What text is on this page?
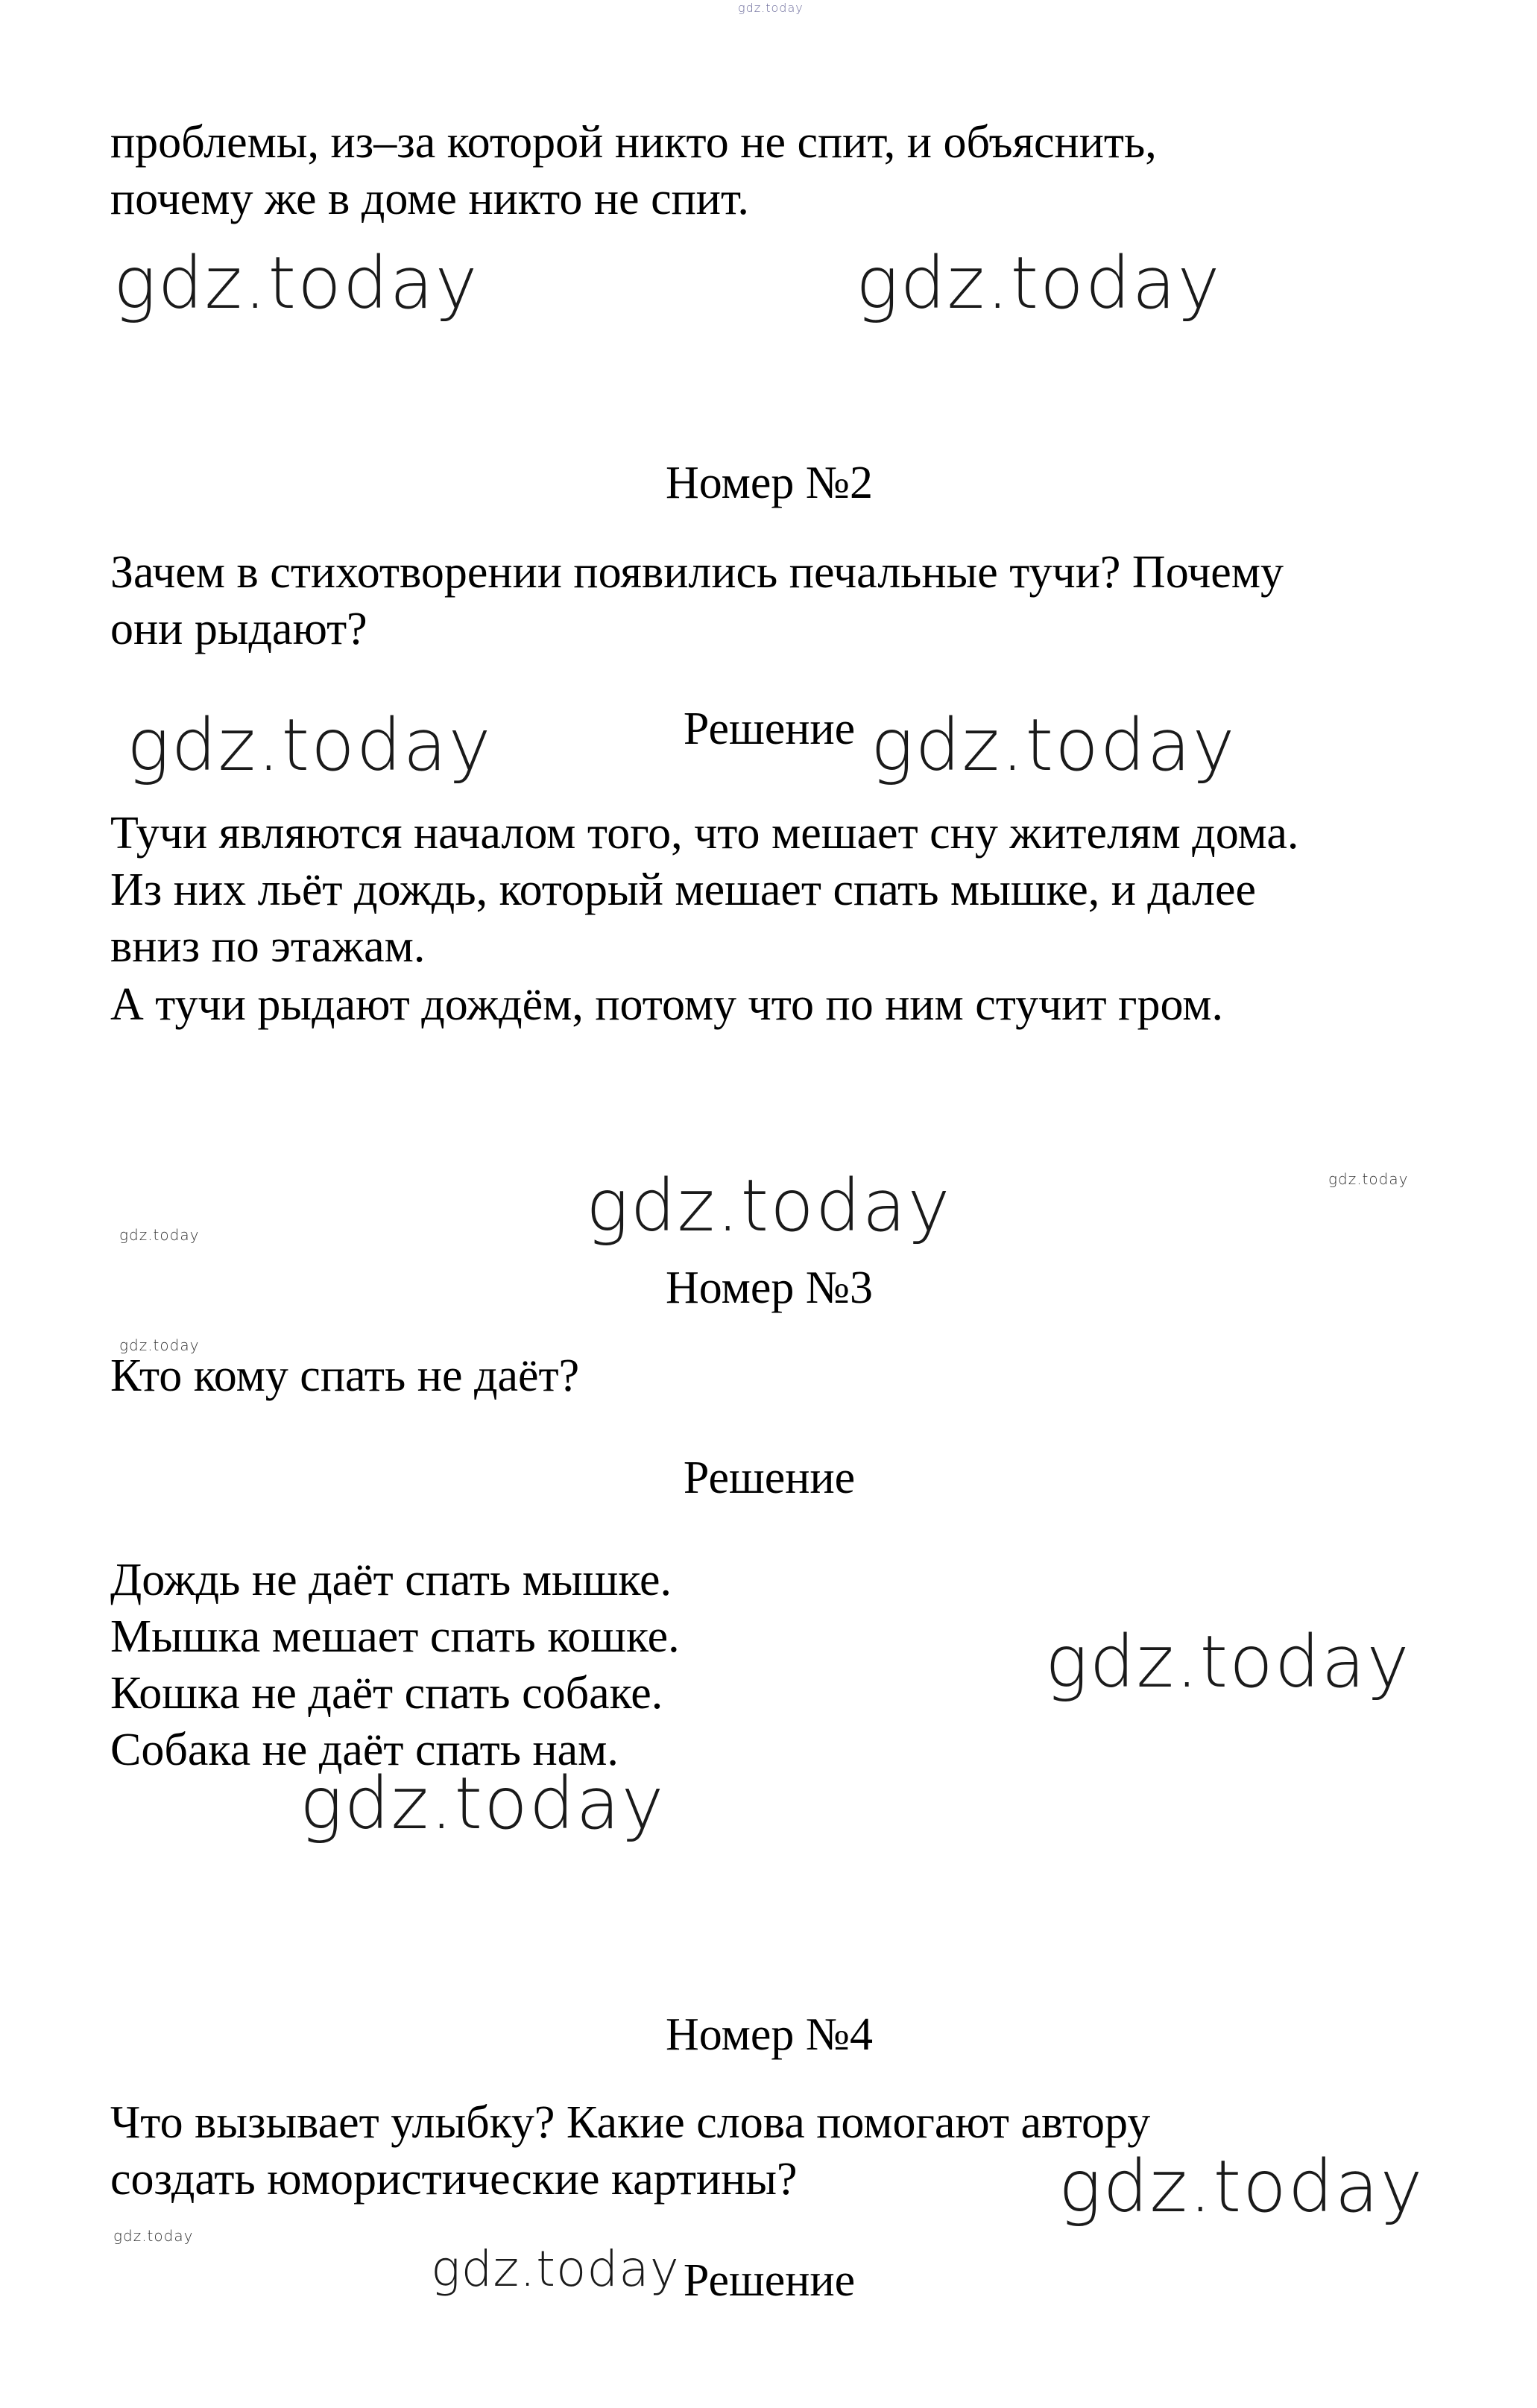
gdz.today
проблемы, из–за которой никто не спит, и объяснить,
почему же в доме никто не спит.
gdz.today	gdz.today
Номер №2
Зачем в стихотворении появились печальные тучи? Почему
они рыдают?
gdz.today	Решение gdz.today
Тучи являются началом того, что мешает сну жителям дома.
Из них льёт дождь, который мешает спать мышке, и далее
вниз по этажам.
А тучи рыдают дождём, потому что по ним стучит гром.
gdz.today
gdz.today
gdz.today
Номер №3
gdz.today
Кто кому спать не даёт?
Решение
Дождь не даёт спать мышке.
Мышка мешает спать кошке.	gdz.today
Кошка не даёт спать собаке.
Собака не даёт спать нам.
gdz.today
Номер №4
Что вызывает улыбку? Какие слова помогают автору
gdz.today
создать юмористические картины?
gdz.today
gdz.today Решение
